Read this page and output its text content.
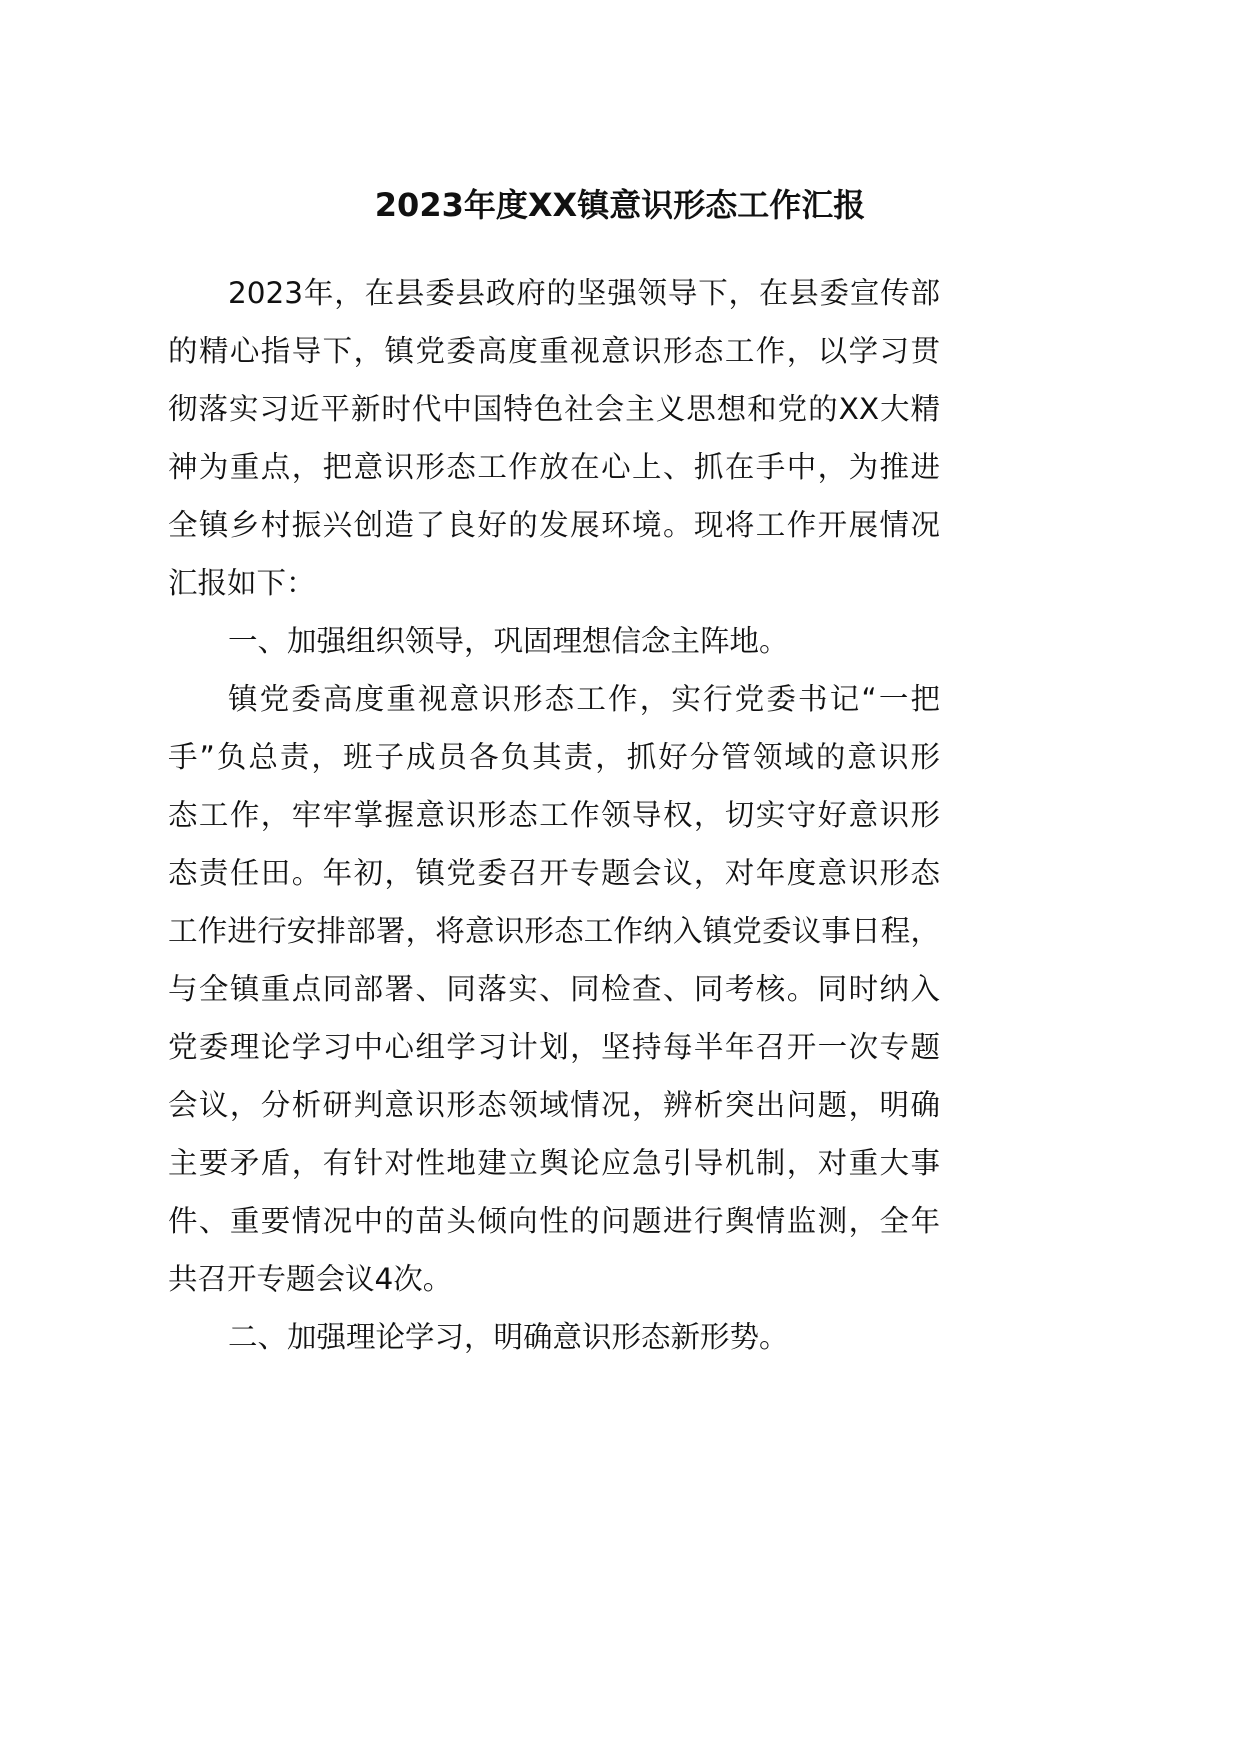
2023年度XX镇意识形态工作汇报
2023年，在县委县政府的坚强领导下，在县委宣传部
的精心指导下，镇党委高度重视意识形态工作，以学习贯
彻落实习近平新时代中国特色社会主义思想和党的XX大精
神为重点，把意识形态工作放在心上、抓在手中，为推进
全镇乡村振兴创造了良好的发展环境。现将工作开展情况
汇报如下：
一、加强组织领导，巩固理想信念主阵地。
镇党委高度重视意识形态工作，实行党委书记“一把
手”负总责，班子成员各负其责，抓好分管领域的意识形
态工作，牢牢掌握意识形态工作领导权，切实守好意识形
态责任田。年初，镇党委召开专题会议，对年度意识形态
工作进行安排部署，将意识形态工作纳入镇党委议事日程，
与全镇重点同部署、同落实、同检查、同考核。同时纳入
党委理论学习中心组学习计划，坚持每半年召开一次专题
会议，分析研判意识形态领域情况，辨析突出问题，明确
主要矛盾，有针对性地建立舆论应急引导机制，对重大事
件、重要情况中的苗头倾向性的问题进行舆情监测，全年
共召开专题会议4次。
二、加强理论学习，明确意识形态新形势。
